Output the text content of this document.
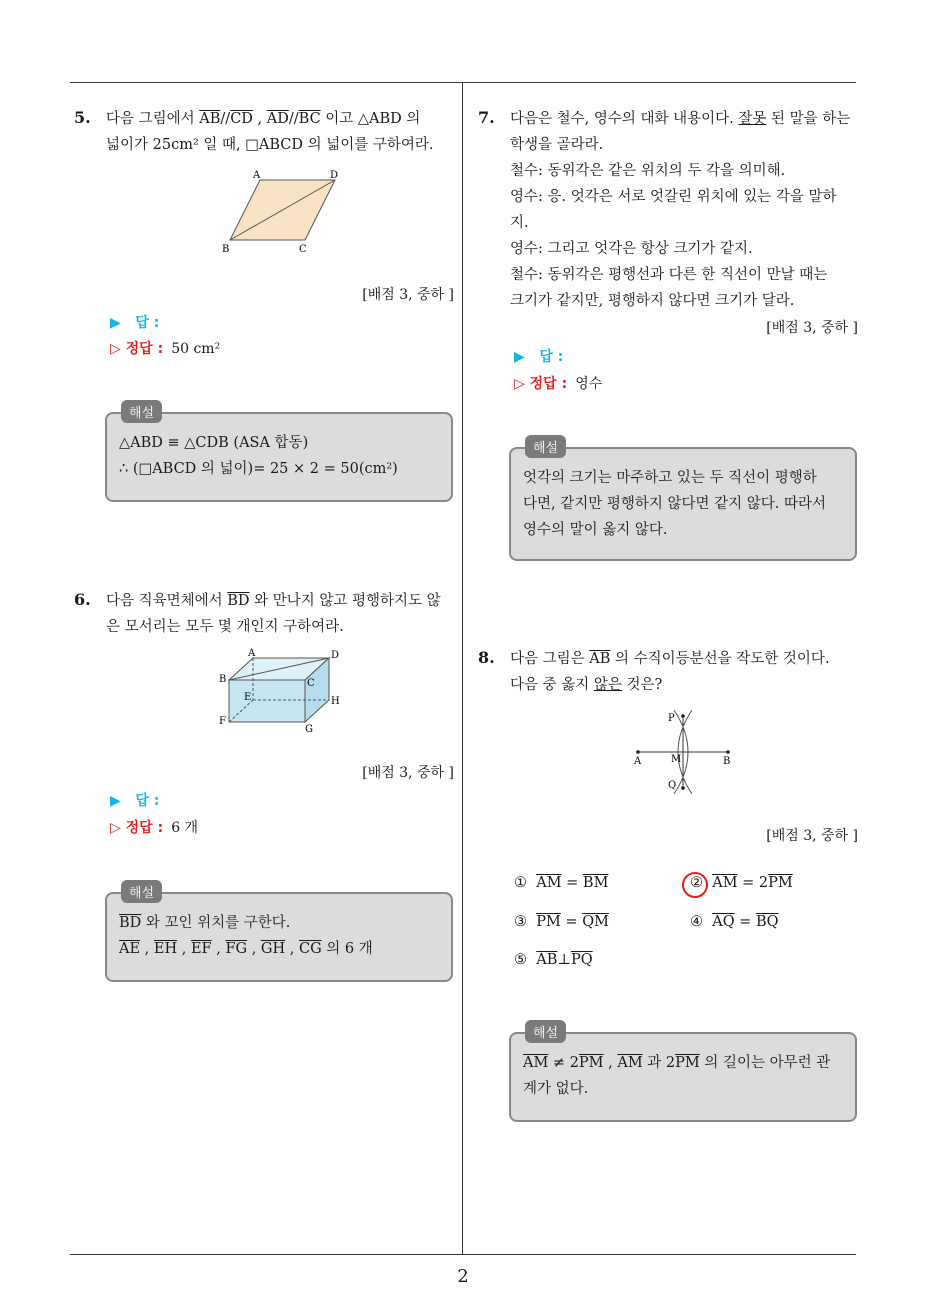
2
5. 다음 그림에서 $\overline{AB}//\overline{CD}$ , $\overline{AD}//\overline{BC}$ 이고 △ABD 의
넓이가 25cm² 일 때, □ABCD 의 넓이를 구하여라.
A	D
B	C
[배점 3, 중하 ]
▶ 답 :
▷ 정답 : 50 cm²
해설
△ABD ≡ △CDB (ASA 합동)
∴ (□ABCD 의 넓이)= 25 × 2 = 50(cm²)
6. 다음 직육면체에서 $\overline{BD}$ 와 만나지 않고 평행하지도 않
은 모서리는 모두 몇 개인지 구하여라.
A	D
B	C
E	H
F
G
[배점 3, 중하 ]
▶ 답 :
▷ 정답 : 6 개
해설
$\overline{BD}$ 와 꼬인 위치를 구한다.
$\overline{AE}$ , $\overline{EH}$ , $\overline{EF}$ , $\overline{FG}$ , $\overline{GH}$ , $\overline{CG}$ 의 6 개
7. 다음은 철수, 영수의 대화 내용이다. 잘못 된 말을 하는
학생을 골라라.
철수: 동위각은 같은 위치의 두 각을 의미해.
영수: 응. 엇각은 서로 엇갈린 위치에 있는 각을 말하
지.
영수: 그리고 엇각은 항상 크기가 같지.
철수: 동위각은 평행선과 다른 한 직선이 만날 때는
크기가 같지만, 평행하지 않다면 크기가 달라.
[배점 3, 중하 ]
▶ 답 :
▷ 정답 : 영수
해설
엇각의 크기는 마주하고 있는 두 직선이 평행하
다면, 같지만 평행하지 않다면 같지 않다. 따라서
영수의 말이 옳지 않다.
8. 다음 그림은 $\overline{AB}$ 의 수직이등분선을 작도한 것이다.
다음 중 옳지 않은 것은?
P
A	M	B
Q
[배점 3, 중하 ]
① $\overline{AM} = \overline{BM}$	② $\overline{AM} = 2\overline{PM}$
③ $\overline{PM} = \overline{QM}$	④ $\overline{AQ} = \overline{BQ}$
⑤ $\overline{AB}\perp\overline{PQ}$
해설
$\overline{AM} \ne 2\overline{PM}$ , $\overline{AM}$ 과 $2\overline{PM}$ 의 길이는 아무런 관
계가 없다.
